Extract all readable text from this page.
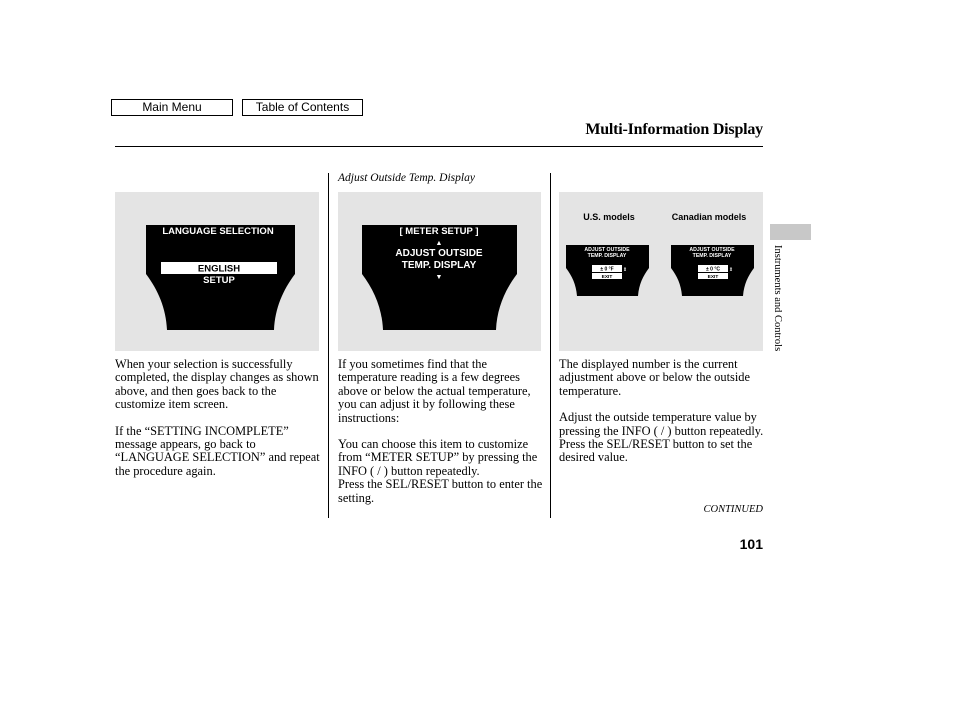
Main Menu	Table of Contents
Multi-Information Display
Adjust Outside Temp. Display
LANGUAGE SELECTION
ENGLISH
SETUP
[ METER SETUP ]
▲
ADJUST OUTSIDE
TEMP. DISPLAY
▼
U.S. models	Canadian models
ADJUST OUTSIDE
TEMP. DISPLAY
± 0 °F ⇕
EXIT
ADJUST OUTSIDE
TEMP. DISPLAY
± 0 °C ⇕
EXIT

When your selection is successfully completed, the display changes as shown above, and then goes back to the customize item screen.

If the “SETTING INCOMPLETE” message appears, go back to “LANGUAGE SELECTION” and repeat the procedure again.

If you sometimes find that the temperature reading is a few degrees above or below the actual temperature, you can adjust it by following these instructions:

You can choose this item to customize from “METER SETUP” by pressing the INFO ( / ) button repeatedly.

Press the SEL/RESET button to enter the setting.

The displayed number is the current adjustment above or below the outside temperature.

Adjust the outside temperature value by pressing the INFO ( / ) button repeatedly. Press the SEL/RESET button to set the desired value.

CONTINUED
101
Instruments and Controls
